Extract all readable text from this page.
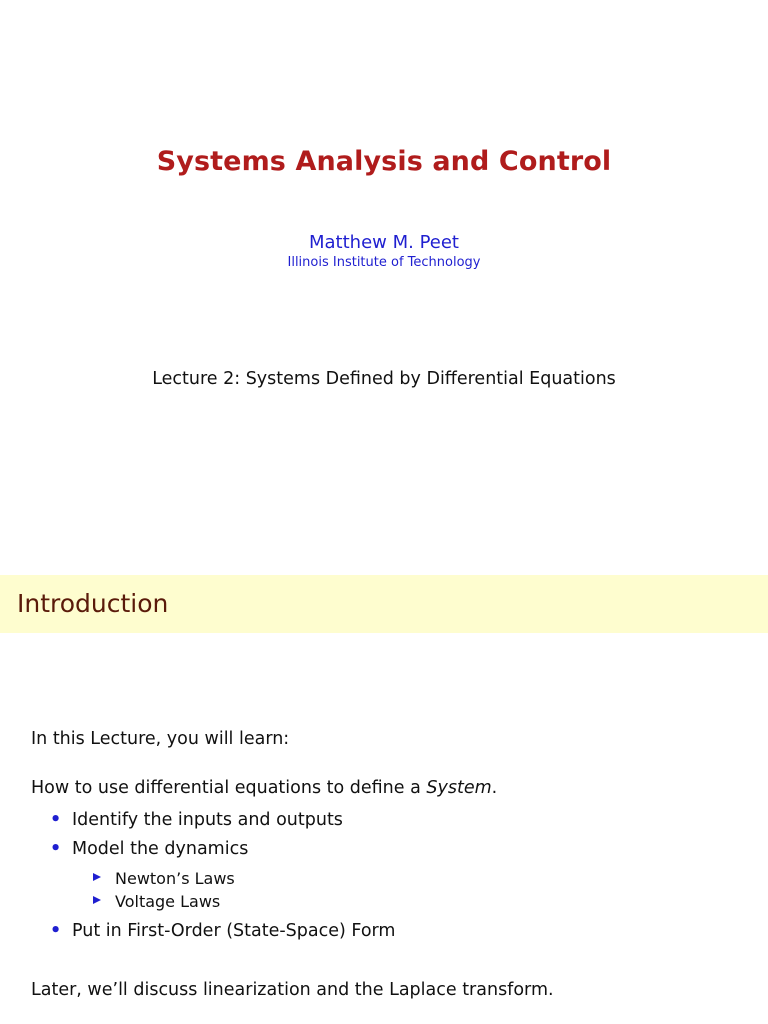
Systems Analysis and Control
Matthew M. Peet
Illinois Institute of Technology
Lecture 2: Systems Defined by Differential Equations
Introduction
In this Lecture, you will learn:
How to use differential equations to define a System.
• Identify the inputs and outputs
• Model the dynamics
Newton’s Laws
Voltage Laws
• Put in First-Order (State-Space) Form
Later, we’ll discuss linearization and the Laplace transform.
